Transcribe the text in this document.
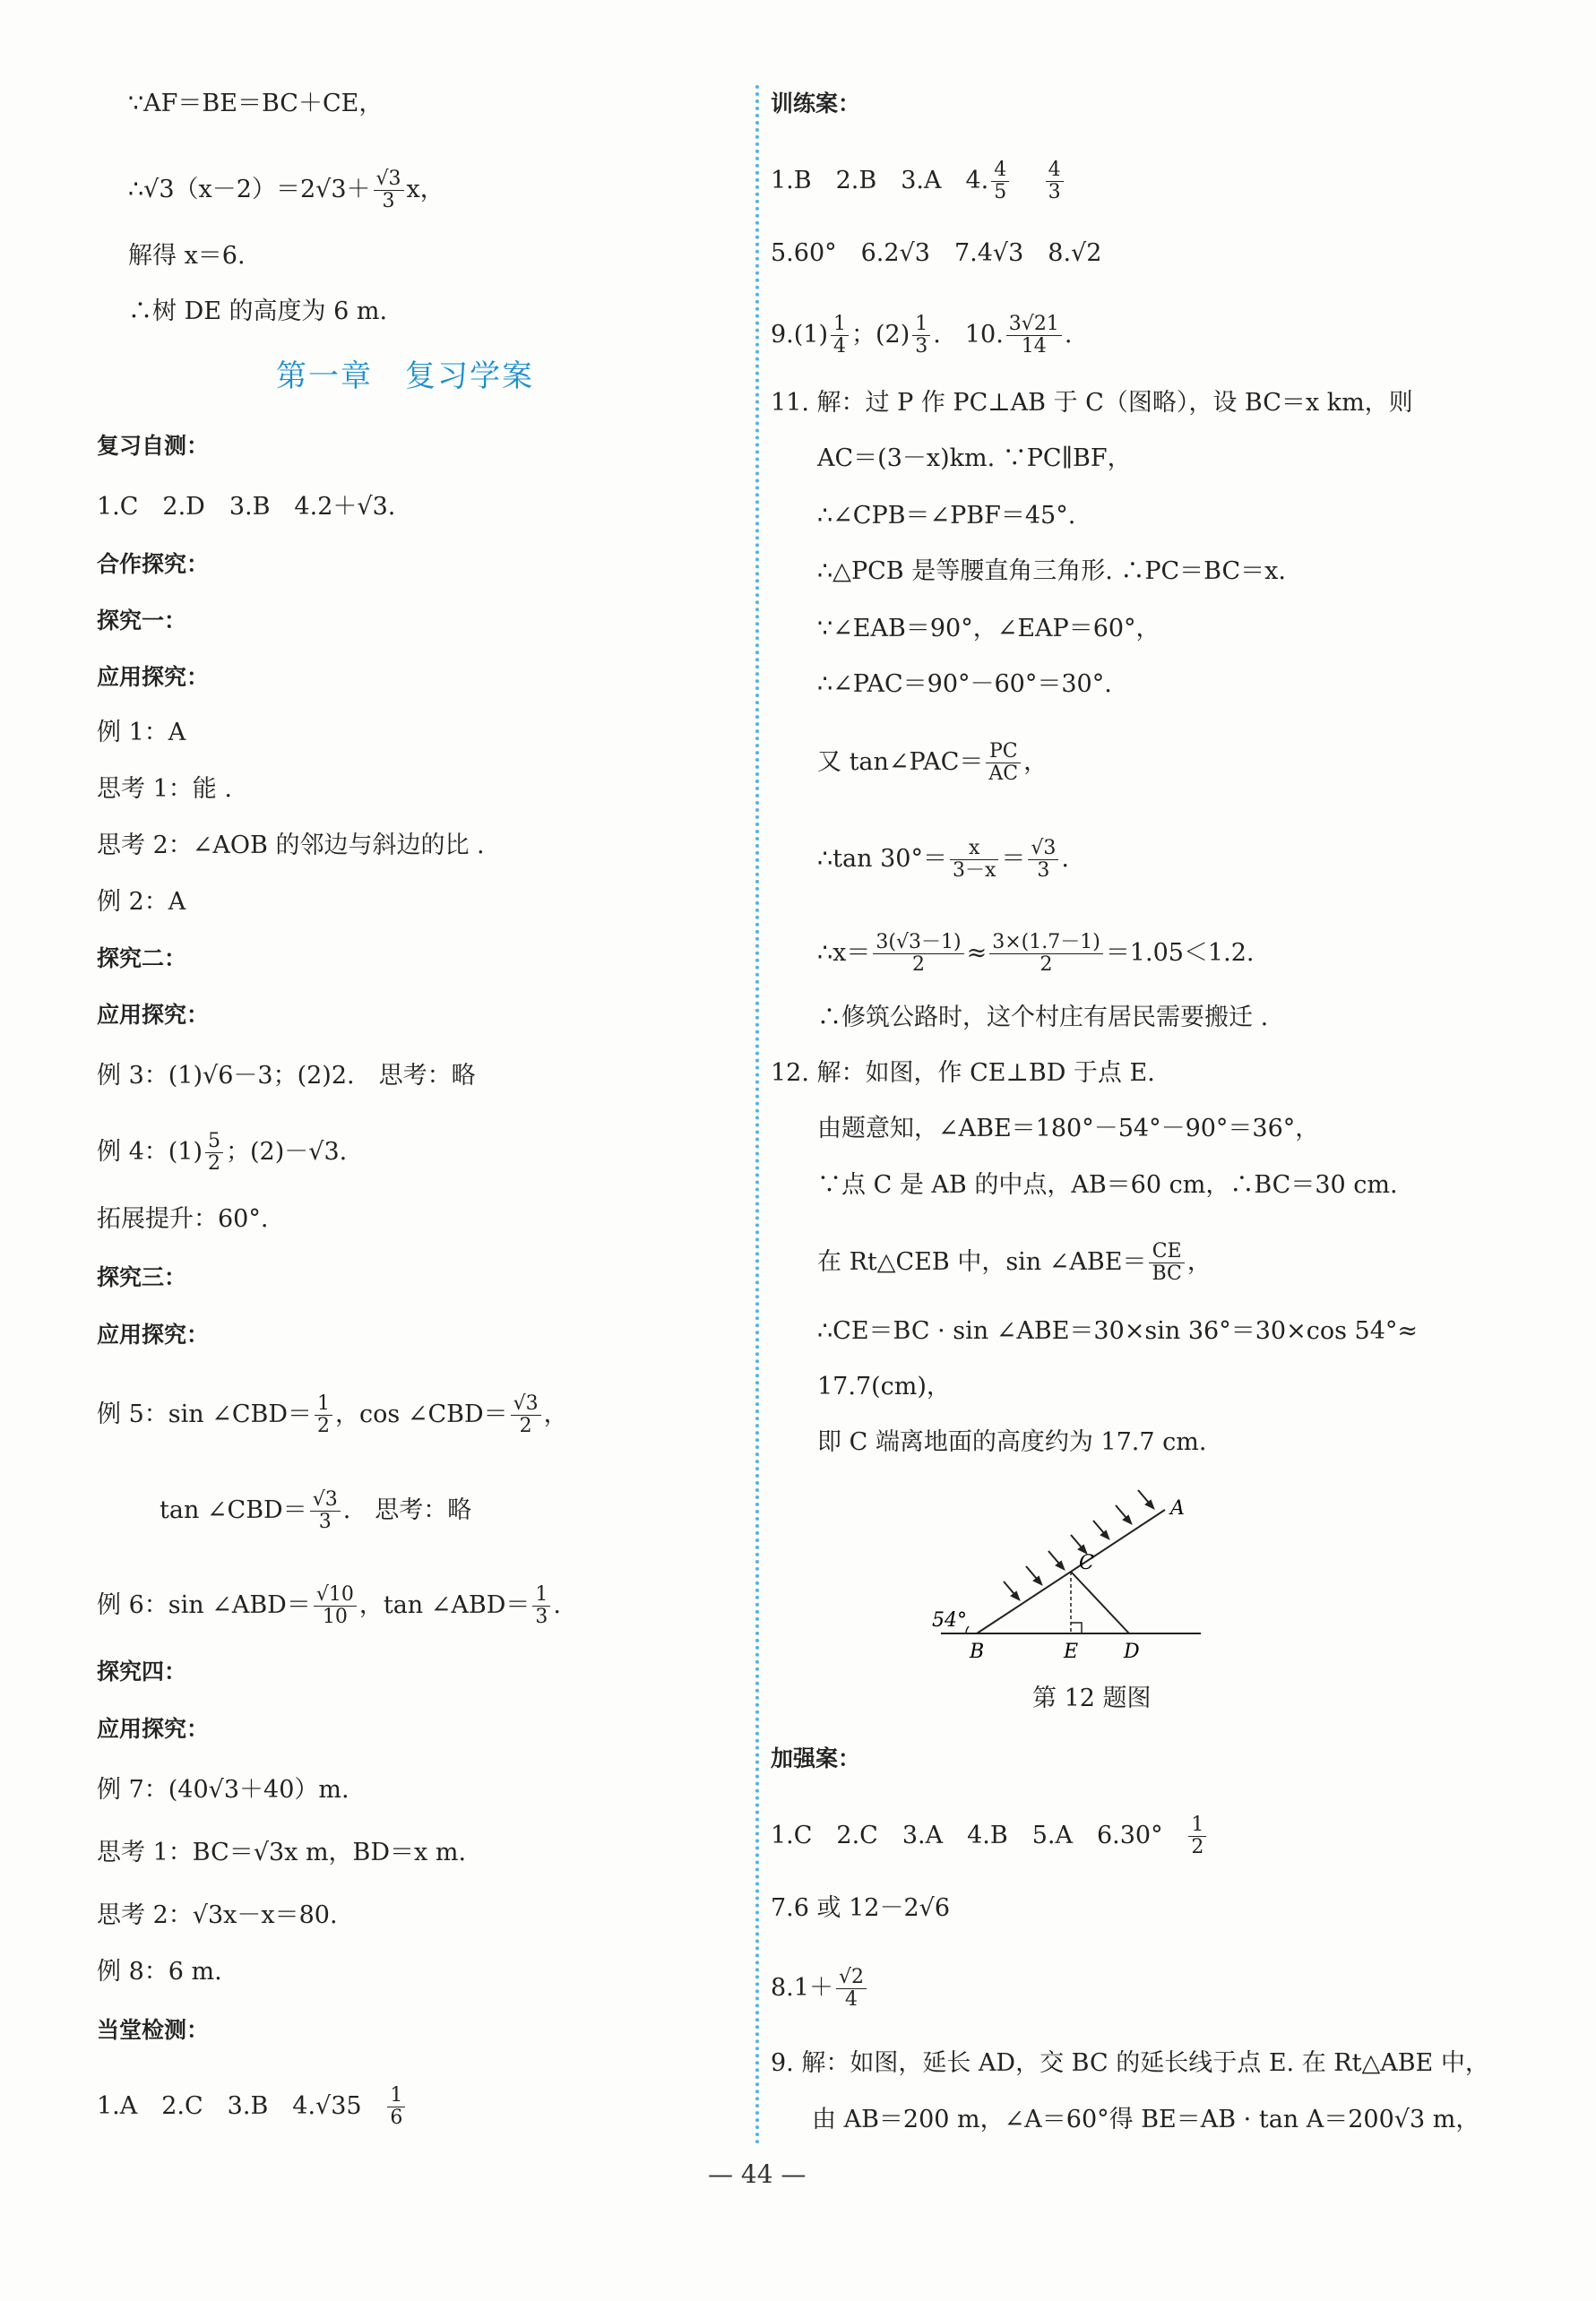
∵AF＝BE＝BC＋CE，
∴√3（x－2）＝2√3＋ $\frac{√3}{3}$ x，
解得 x＝6.
∴树 DE 的高度为 6 m.
第一章　复习学案
复习自测：
1.C　2.D　3.B　4.2＋√3.
合作探究：
探究一：
应用探究：
例 1：A
思考 1：能 .
思考 2：∠AOB 的邻边与斜边的比 .
例 2：A
探究二：
应用探究：
例 3：(1)√6－3；(2)2.　思考：略
例 4：$(1) \frac{5}{2}$ ；(2)－√3.
拓展提升：60°.
探究三：
应用探究：
例 5：sin ∠CBD＝ $\frac{1}{2}$ ，cos ∠CBD＝ $\frac{√3}{2}$ ，
tan ∠CBD＝ $\frac{√3}{3}$ .　思考：略
例 6：sin ∠ABD＝ $\frac{√10}{10}$ ，tan ∠ABD＝ $\frac{1}{3}$ .
探究四：
应用探究：
例 7：(40√3＋40）m.
思考 1：BC＝√3x m，BD＝x m.
思考 2：√3x－x＝80.
例 8：6 m.
当堂检测：
1.A　2.C　3.B　$4.√35 \frac{1}{6}$
训练案：
1.B　2.B　3.A　4. $\frac{4}{5}$
$\frac{4}{3}$
5.60°　6.2√3　7.4√3　8.√2
$9.(1) \frac{1}{4}$ ；$(2) \frac{1}{3}$ .　10. $\frac{3√21}{14}$ .
11. 解：过 P 作 PC⊥AB 于 C（图略），设 BC＝x km，则
AC＝(3－x)km. ∵PC∥BF，
∴∠CPB＝∠PBF＝45°.
∴△PCB 是等腰直角三角形. ∴PC＝BC＝x.
∵∠EAB＝90°，∠EAP＝60°，
∴∠PAC＝90°－60°＝30°.
又 tan∠PAC＝ $\frac{PC}{AC}$ ，
∴tan $30^\circ= \frac{x}{3-x} = \frac{√3}{3}$ .
∴x＝ $\frac{3(√3-1)}{2} \approx \frac{3\times(1.7-1)}{2} =1.05<1.2$.
∴修筑公路时，这个村庄有居民需要搬迁 .
12. 解：如图，作 CE⊥BD 于点 E.
由题意知，∠ABE＝180°－54°－90°＝36°，
∵点 C 是 AB 的中点，AB＝60 cm，∴BC＝30 cm.
在 Rt△CEB 中，sin ∠ABE＝ $\frac{CE}{BC}$ ，
∴CE＝BC · sin ∠ABE＝30×sin 36°＝30×cos 54°≈
17.7(cm)，
即 C 端离地面的高度约为 17.7 cm.
54°
A
B
C
E D
第 12 题图
加强案：
1.C　2.C　3.A　4.B　5.A　$6.30^\circ \frac{1}{2}$
7.6 或 12－2√6
$8.1+ \frac{√2}{4}$
9. 解：如图，延长 AD，交 BC 的延长线于点 E. 在 Rt△ABE 中，
由 AB＝200 m，∠A＝60°得 BE＝AB · tan A＝200√3 m，
— 44 —
